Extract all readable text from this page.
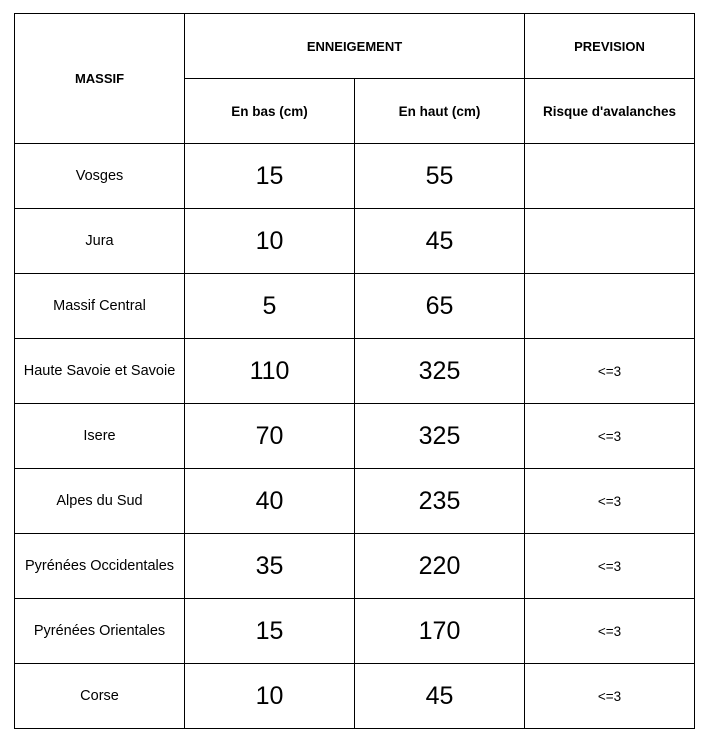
MASSIF	ENNEIGEMENT		PREVISION
	En bas (cm)	En haut (cm)	Risque d'avalanches
Vosges	15	55	
Jura	10	45	
Massif Central	5	65	
Haute Savoie et Savoie	110	325	<=3
Isere	70	325	<=3
Alpes du Sud	40	235	<=3
Pyrénées Occidentales	35	220	<=3
Pyrénées Orientales	15	170	<=3
Corse	10	45	<=3
